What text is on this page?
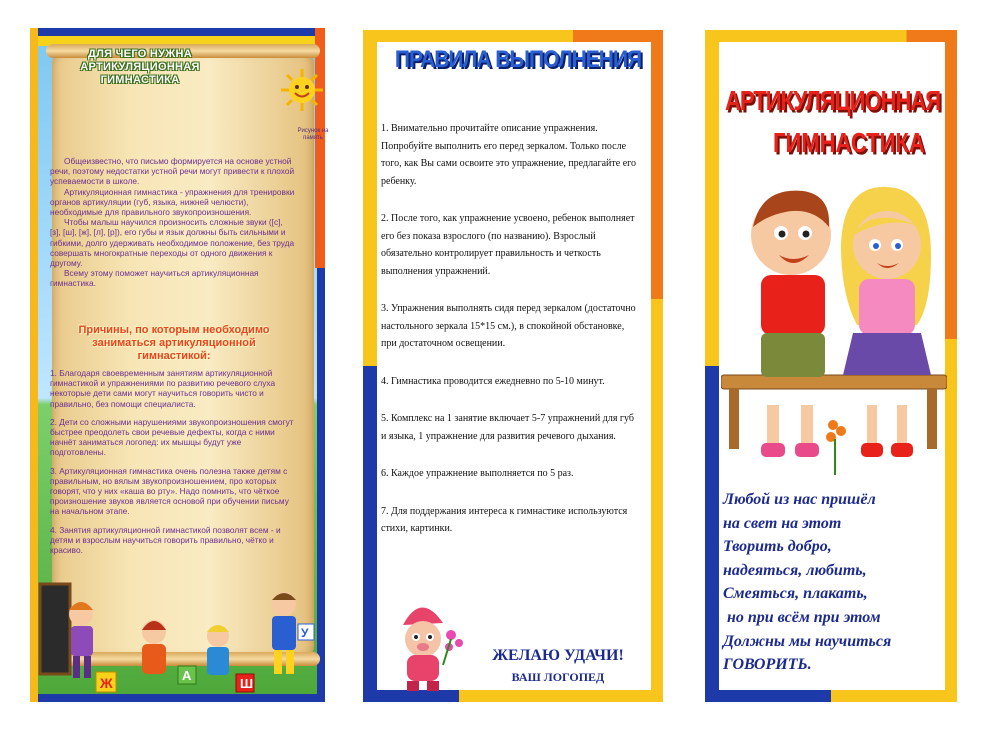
ДЛЯ ЧЕГО НУЖНА АРТИКУЛЯЦИОННАЯ ГИМНАСТИКА
Рисунок на память

Общеизвестно, что письмо формируется на основе устной речи, поэтому недостатки устной речи могут привести к плохой успеваемости в школе.

Артикуляционная гимнастика - упражнения для тренировки органов артикуляции (губ, языка, нижней челюсти), необходимые для правильного звукопроизношения.

Чтобы малыш научился произносить сложные звуки ([с], [з], [ш], [ж], [л], [р]), его губы и язык должны быть сильными и гибкими, долго удерживать необходимое положение, без труда совершать многократные переходы от одного движения к другому.

Всему этому поможет научиться артикуляционная гимнастика.

Причины, по которым необходимо заниматься артикуляционной гимнастикой:

1. Благодаря своевременным занятиям артикуляционной гимнастикой и упражнениями по развитию речевого слуха некоторые дети сами могут научиться говорить чисто и правильно, без помощи специалиста.

2. Дети со сложными нарушениями звукопроизношения смогут быстрее преодолеть свои речевые дефекты, когда с ними начнёт заниматься логопед: их мышцы будут уже подготовлены.

3. Артикуляционная гимнастика очень полезна также детям с правильным, но вялым звукопроизношением, про которых говорят, что у них «каша во рту». Надо помнить, что чёткое произношение звуков является основой при обучении письму на начальном этапе.

4. Занятия артикуляционной гимнастикой позволят всем - и детям и взрослым научиться говорить правильно, чётко и красиво.

Ж	А
Ш
У
ПРАВИЛА ВЫПОЛНЕНИЯ

1. Внимательно прочитайте описание упражнения. Попробуйте выполнить его перед зеркалом. Только после того, как Вы сами освоите это упражнение, предлагайте его ребенку.

2. После того, как упражнение усвоено, ребенок выполняет его без показа взрослого (по названию). Взрослый обязательно контролирует правильность и четкость выполнения упражнений.

3. Упражнения выполнять сидя перед зеркалом (достаточно настольного зеркала 15*15 см.), в спокойной обстановке, при достаточном освещении.

4. Гимнастика проводится ежедневно по 5-10 минут.

5. Комплекс на 1 занятие включает 5-7 упражнений для губ и языка, 1 упражнение для развития речевого дыхания.

6. Каждое упражнение выполняется по 5 раз.

7. Для поддержания интереса к гимнастике используются стихи, картинки.

ЖЕЛАЮ УДАЧИ!
ВАШ ЛОГОПЕД
АРТИКУЛЯЦИОННАЯ
ГИМНАСТИКА
Любой из нас пришёл
на свет на этот
Творить добро,
надеяться, любить,
Смеяться, плакать,
но при всём при этом
Должны мы научиться
ГОВОРИТЬ.
